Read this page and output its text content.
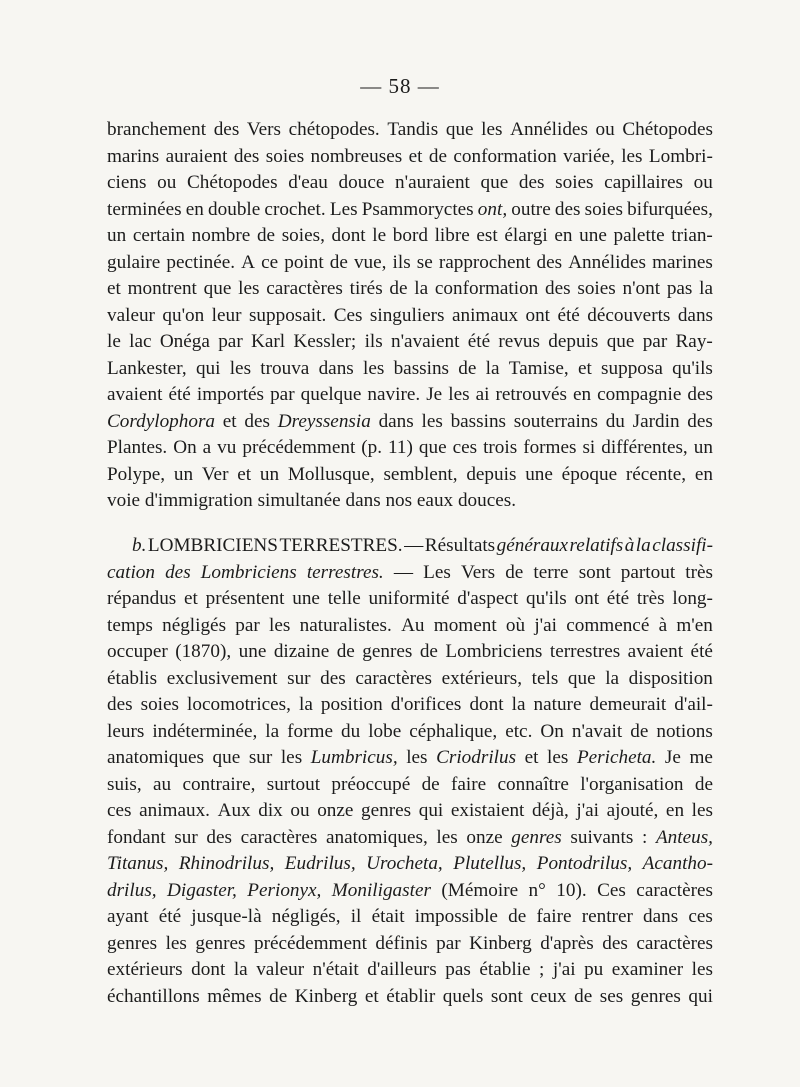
— 58 —
branchement des Vers chétopodes. Tandis que les Annélides ou Chétopodes
marins auraient des soies nombreuses et de conformation variée, les Lombri-
ciens ou Chétopodes d'eau douce n'auraient que des soies capillaires ou
terminées en double crochet. Les Psammoryctes ont, outre des soies bifurquées,
un certain nombre de soies, dont le bord libre est élargi en une palette trian-
gulaire pectinée. A ce point de vue, ils se rapprochent des Annélides marines
et montrent que les caractères tirés de la conformation des soies n'ont pas la
valeur qu'on leur supposait. Ces singuliers animaux ont été découverts dans
le lac Onéga par Karl Kessler; ils n'avaient été revus depuis que par Ray-
Lankester, qui les trouva dans les bassins de la Tamise, et supposa qu'ils
avaient été importés par quelque navire. Je les ai retrouvés en compagnie des
Cordylophora et des Dreyssensia dans les bassins souterrains du Jardin des
Plantes. On a vu précédemment (p. 11) que ces trois formes si différentes, un
Polype, un Ver et un Mollusque, semblent, depuis une époque récente, en
voie
d'immigration
simultanée
dans
nos
eaux
douces.
b. LOMBRICIENS TERRESTRES. — Résultats généraux relatifs à la classifi-
cation des Lombriciens terrestres. — Les Vers de terre sont partout très
répandus et présentent une telle uniformité d'aspect qu'ils ont été très long-
temps négligés par les naturalistes. Au moment où j'ai commencé à m'en
occuper (1870), une dizaine de genres de Lombriciens terrestres avaient été
établis exclusivement sur des caractères extérieurs, tels que la disposition
des soies locomotrices, la position d'orifices dont la nature demeurait d'ail-
leurs indéterminée, la forme du lobe céphalique, etc. On n'avait de notions
anatomiques que sur les Lumbricus, les Criodrilus et les Pericheta. Je me
suis, au contraire, surtout préoccupé de faire connaître l'organisation de
ces animaux. Aux dix ou onze genres qui existaient déjà, j'ai ajouté, en les
fondant sur des caractères anatomiques, les onze genres suivants : Anteus,
Titanus, Rhinodrilus, Eudrilus, Urocheta, Plutellus, Pontodrilus, Acantho-
drilus, Digaster, Perionyx, Moniligaster (Mémoire n° 10). Ces caractères
ayant été jusque-là négligés, il était impossible de faire rentrer dans ces
genres les genres précédemment définis par Kinberg d'après des caractères
extérieurs dont la valeur n'était d'ailleurs pas établie ; j'ai pu examiner les
échantillons mêmes de Kinberg et établir quels sont ceux de ses genres qui
